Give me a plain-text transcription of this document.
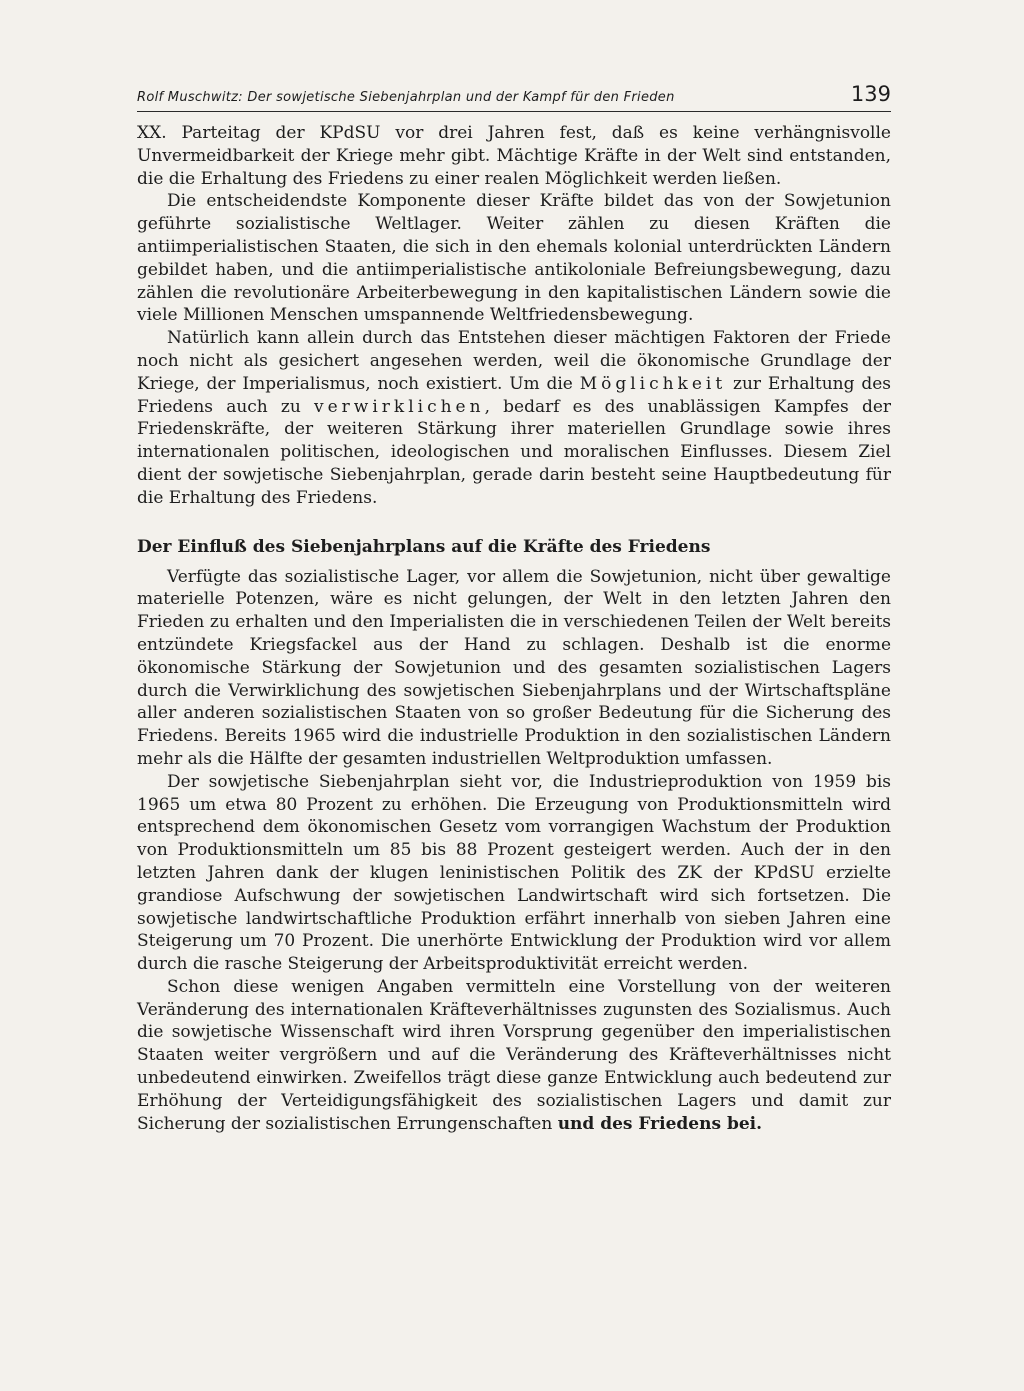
Rolf Muschwitz: Der sowjetische Siebenjahrplan und der Kampf für den Frieden	139

XX. Parteitag der KPdSU vor drei Jahren fest, daß es keine verhängnisvolle Unvermeidbarkeit der Kriege mehr gibt. Mächtige Kräfte in der Welt sind entstanden, die die Erhaltung des Friedens zu einer realen Möglichkeit werden ließen.

Die entscheidendste Komponente dieser Kräfte bildet das von der Sowjetunion geführte sozialistische Weltlager. Weiter zählen zu diesen Kräften die antiimperialistischen Staaten, die sich in den ehemals kolonial unterdrückten Ländern gebildet haben, und die antiimperialistische antikoloniale Befreiungsbewegung, dazu zählen die revolutionäre Arbeiterbewegung in den kapitalistischen Ländern sowie die viele Millionen Menschen umspannende Weltfriedensbewegung.

Natürlich kann allein durch das Entstehen dieser mächtigen Faktoren der Friede noch nicht als gesichert angesehen werden, weil die ökonomische Grundlage der Kriege, der Imperialismus, noch existiert. Um die Möglichkeit zur Erhaltung des Friedens auch zu verwirklichen, bedarf es des unablässigen Kampfes der Friedenskräfte, der weiteren Stärkung ihrer materiellen Grundlage sowie ihres internationalen politischen, ideologischen und moralischen Einflusses. Diesem Ziel dient der sowjetische Siebenjahrplan, gerade darin besteht seine Hauptbedeutung für die Erhaltung des Friedens.

Der Einfluß des Siebenjahrplans auf die Kräfte des Friedens

Verfügte das sozialistische Lager, vor allem die Sowjetunion, nicht über gewaltige materielle Potenzen, wäre es nicht gelungen, der Welt in den letzten Jahren den Frieden zu erhalten und den Imperialisten die in verschiedenen Teilen der Welt bereits entzündete Kriegsfackel aus der Hand zu schlagen. Deshalb ist die enorme ökonomische Stärkung der Sowjetunion und des gesamten sozialistischen Lagers durch die Verwirklichung des sowjetischen Siebenjahrplans und der Wirtschaftspläne aller anderen sozialistischen Staaten von so großer Bedeutung für die Sicherung des Friedens. Bereits 1965 wird die industrielle Produktion in den sozialistischen Ländern mehr als die Hälfte der gesamten industriellen Weltproduktion umfassen.

Der sowjetische Siebenjahrplan sieht vor, die Industrieproduktion von 1959 bis 1965 um etwa 80 Prozent zu erhöhen. Die Erzeugung von Produktionsmitteln wird entsprechend dem ökonomischen Gesetz vom vorrangigen Wachstum der Produktion von Produktionsmitteln um 85 bis 88 Prozent gesteigert werden. Auch der in den letzten Jahren dank der klugen leninistischen Politik des ZK der KPdSU erzielte grandiose Aufschwung der sowjetischen Landwirtschaft wird sich fortsetzen. Die sowjetische landwirtschaftliche Produktion erfährt innerhalb von sieben Jahren eine Steigerung um 70 Prozent. Die unerhörte Entwicklung der Produktion wird vor allem durch die rasche Steigerung der Arbeitsproduktivität erreicht werden.

Schon diese wenigen Angaben vermitteln eine Vorstellung von der weiteren Veränderung des internationalen Kräfteverhältnisses zugunsten des Sozialismus. Auch die sowjetische Wissenschaft wird ihren Vorsprung gegenüber den imperialistischen Staaten weiter vergrößern und auf die Veränderung des Kräfteverhältnisses nicht unbedeutend einwirken. Zweifellos trägt diese ganze Entwicklung auch bedeutend zur Erhöhung der Verteidigungsfähigkeit des sozialistischen Lagers und damit zur Sicherung der sozialistischen Errungenschaften und des Friedens bei.
